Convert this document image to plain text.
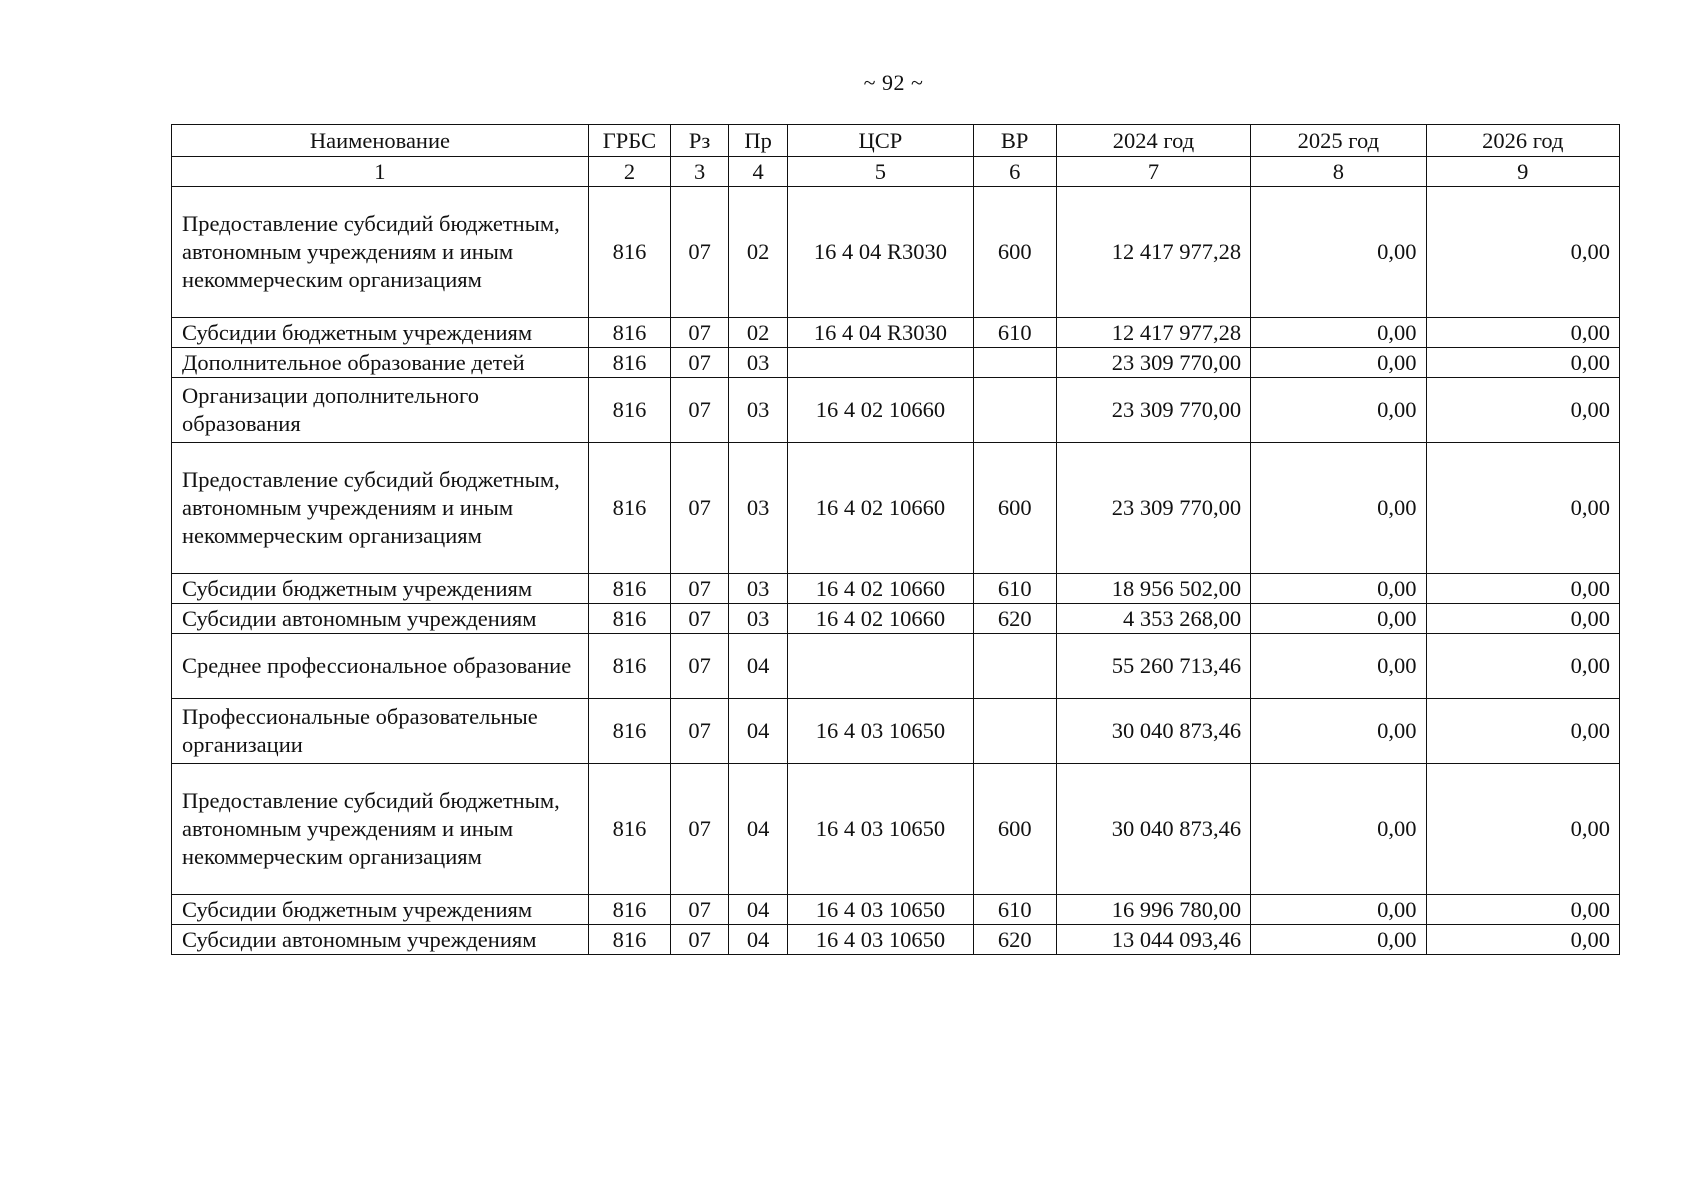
~ 92 ~
Наименование	ГРБС	Рз	Пр	ЦСР	ВР	2024 год	2025 год	2026 год
1	2	3	4	5	6	7	8	9
Предоставление субсидий бюджетным, автономным учреждениям и иным некоммерческим организациям	816	07	02	16 4 04 R3030	600	12 417 977,28	0,00	0,00
Субсидии бюджетным учреждениям	816	07	02	16 4 04 R3030	610	12 417 977,28	0,00	0,00
Дополнительное образование детей	816	07	03			23 309 770,00	0,00	0,00
Организации дополнительного образования	816	07	03	16 4 02 10660		23 309 770,00	0,00	0,00
Предоставление субсидий бюджетным, автономным учреждениям и иным некоммерческим организациям	816	07	03	16 4 02 10660	600	23 309 770,00	0,00	0,00
Субсидии бюджетным учреждениям	816	07	03	16 4 02 10660	610	18 956 502,00	0,00	0,00
Субсидии автономным учреждениям	816	07	03	16 4 02 10660	620	4 353 268,00	0,00	0,00
Среднее профессиональное образование	816	07	04			55 260 713,46	0,00	0,00
Профессиональные образовательные организации	816	07	04	16 4 03 10650		30 040 873,46	0,00	0,00
Предоставление субсидий бюджетным, автономным учреждениям и иным некоммерческим организациям	816	07	04	16 4 03 10650	600	30 040 873,46	0,00	0,00
Субсидии бюджетным учреждениям	816	07	04	16 4 03 10650	610	16 996 780,00	0,00	0,00
Субсидии автономным учреждениям	816	07	04	16 4 03 10650	620	13 044 093,46	0,00	0,00
